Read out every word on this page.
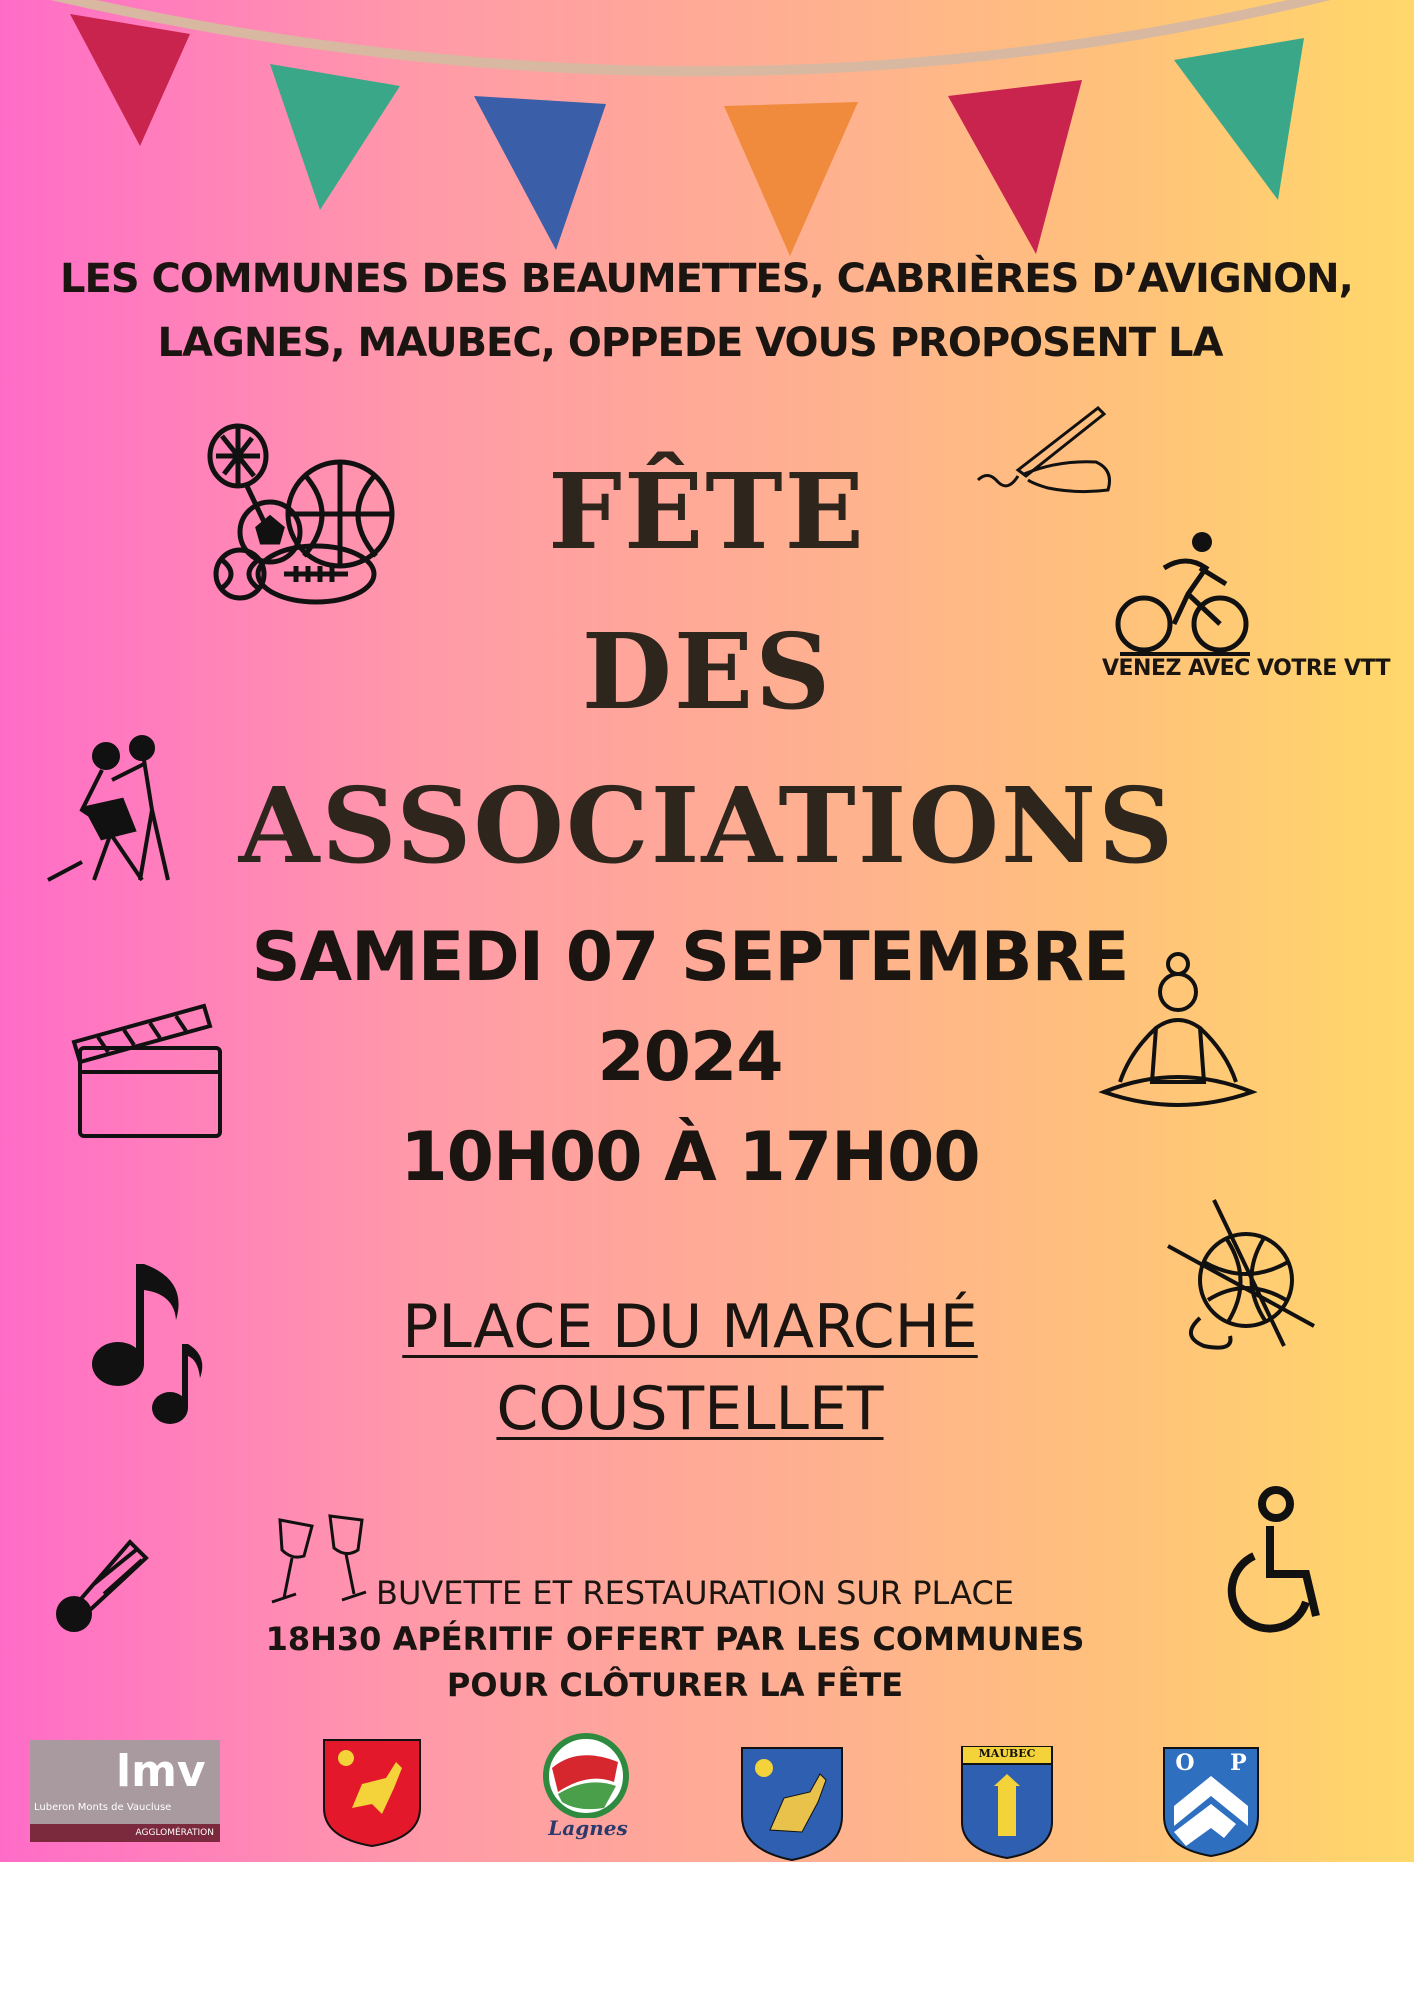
LES COMMUNES DES BEAUMETTES, CABRIÈRES D’AVIGNON,
LAGNES, MAUBEC, OPPEDE VOUS PROPOSENT LA
FÊTE
DES
ASSOCIATIONS
VENEZ AVEC VOTRE VTT
SAMEDI 07 SEPTEMBRE
2024
10H00 À 17H00
PLACE DU MARCHÉ
COUSTELLET
BUVETTE ET RESTAURATION SUR PLACE
18H30 APÉRITIF OFFERT PAR LES COMMUNES
POUR CLÔTURER LA FÊTE
lmv
Luberon Monts de Vaucluse
AGGLOMÉRATION	Lagnes
MAUBEC	O P
